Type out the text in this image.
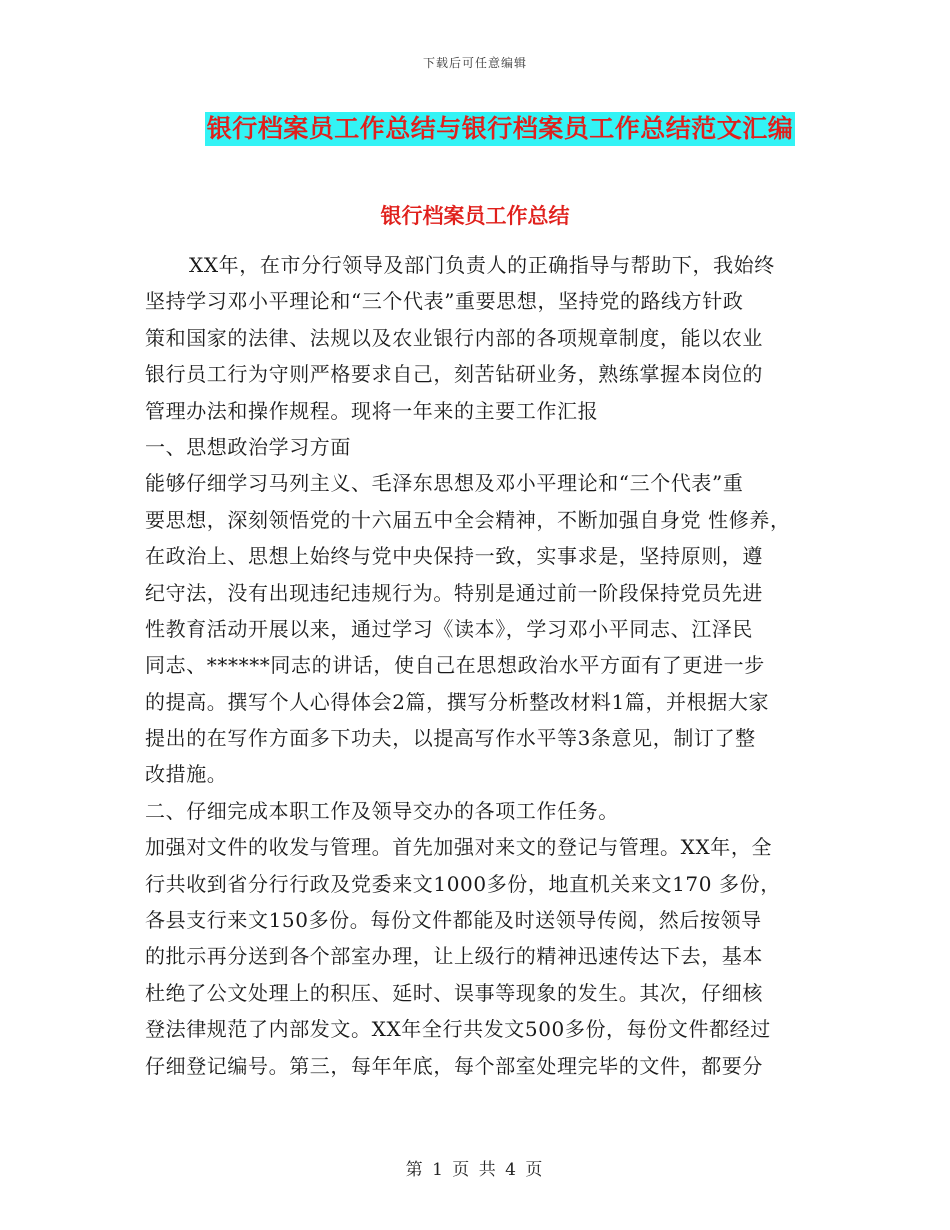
下载后可任意编辑
银行档案员工作总结与银行档案员工作总结范文汇编
银行档案员工作总结
XX年，在市分行领导及部门负责人的正确指导与帮助下，我始终
坚持学习邓小平理论和“三个代表”重要思想，坚持党的路线方针政
策和国家的法律、法规以及农业银行内部的各项规章制度，能以农业
银行员工行为守则严格要求自己，刻苦钻研业务，熟练掌握本岗位的
管理办法和操作规程。现将一年来的主要工作汇报
一、思想政治学习方面
能够仔细学习马列主义、毛泽东思想及邓小平理论和“三个代表”重
要思想，深刻领悟党的十六届五中全会精神，不断加强自身党 性修养，
在政治上、思想上始终与党中央保持一致，实事求是，坚持原则，遵
纪守法，没有出现违纪违规行为。特别是通过前一阶段保持党员先进
性教育活动开展以来，通过学习《读本》，学习邓小平同志、江泽民
同志、******同志的讲话，使自己在思想政治水平方面有了更进一步
的提高。撰写个人心得体会2篇，撰写分析整改材料1篇，并根据大家
提出的在写作方面多下功夫，以提高写作水平等3条意见，制订了整
改措施。
二、仔细完成本职工作及领导交办的各项工作任务。
加强对文件的收发与管理。首先加强对来文的登记与管理。XX年，全
行共收到省分行行政及党委来文1000多份，地直机关来文170 多份，
各县支行来文150多份。每份文件都能及时送领导传阅，然后按领导
的批示再分送到各个部室办理，让上级行的精神迅速传达下去，基本
杜绝了公文处理上的积压、延时、误事等现象的发生。其次，仔细核
登法律规范了内部发文。XX年全行共发文500多份，每份文件都经过
仔细登记编号。第三，每年年底，每个部室处理完毕的文件，都要分
第 1 页 共 4 页
